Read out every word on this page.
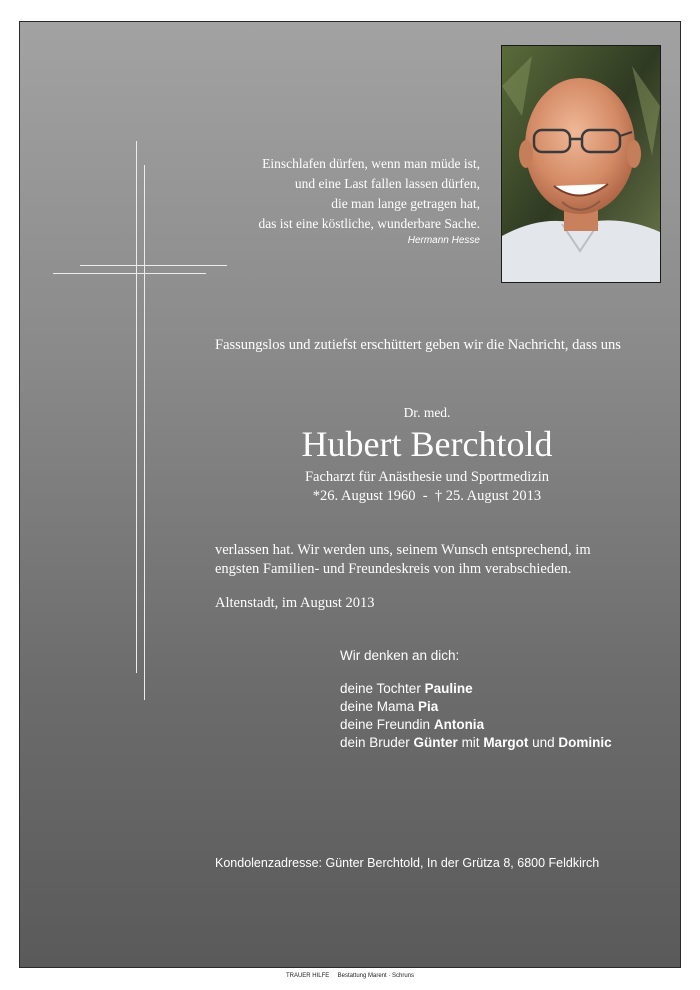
Einschlafen dürfen, wenn man müde ist,
und eine Last fallen lassen dürfen,
die man lange getragen hat,
das ist eine köstliche, wunderbare Sache.
Hermann Hesse
Fassungslos und zutiefst erschüttert geben wir die Nachricht, dass uns
Dr. med.
Hubert Berchtold
Facharzt für Anästhesie und Sportmedizin
*26. August 1960  -  † 25. August 2013
verlassen hat. Wir werden uns, seinem Wunsch entsprechend, im
engsten Familien- und Freundeskreis von ihm verabschieden.
Altenstadt, im August 2013
Wir denken an dich:
deine Tochter Pauline
deine Mama Pia
deine Freundin Antonia
dein Bruder Günter mit Margot und Dominic
Kondolenzadresse: Günter Berchtold, In der Grütza 8, 6800 Feldkirch
TRAUER HILFE Bestattung Marent · Schruns
